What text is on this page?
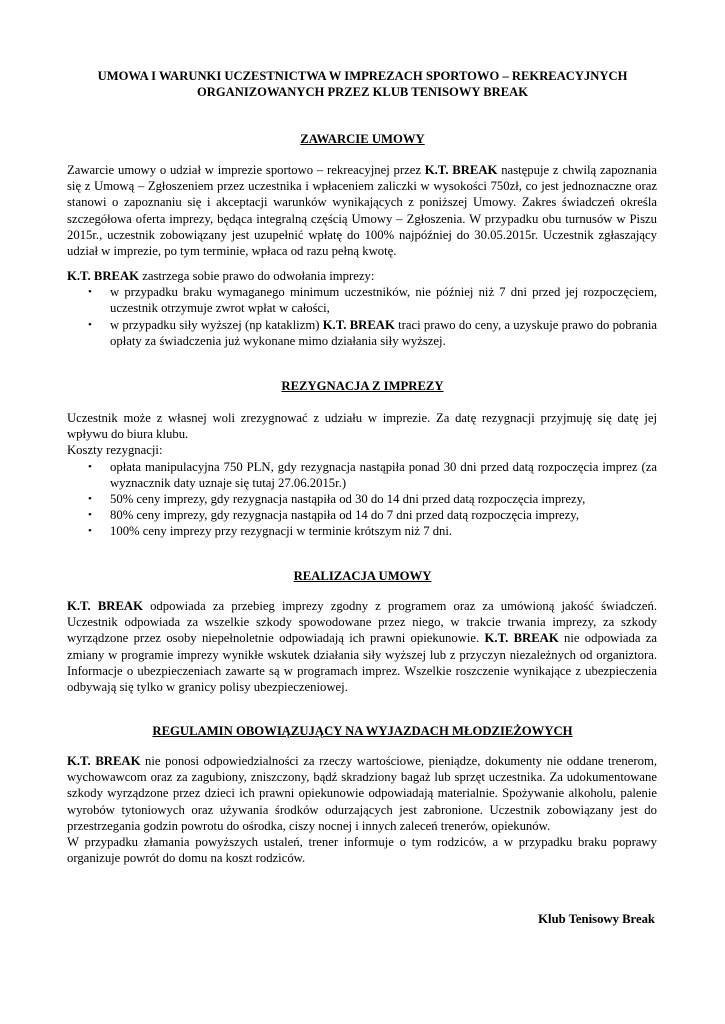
UMOWA I WARUNKI UCZESTNICTWA W IMPREZACH SPORTOWO – REKREACYJNYCH
ORGANIZOWANYCH PRZEZ KLUB TENISOWY BREAK
ZAWARCIE UMOWY

Zawarcie umowy o udział w imprezie sportowo – rekreacyjnej przez K.T. BREAK następuje z chwilą zapoznania się z Umową – Zgłoszeniem przez uczestnika i wpłaceniem zaliczki w wysokości 750zł, co jest jednoznaczne oraz stanowi o zapoznaniu się i akceptacji warunków wynikających z poniższej Umowy. Zakres świadczeń określa szczegółowa oferta imprezy, będąca integralną częścią Umowy – Zgłoszenia. W przypadku obu turnusów w Piszu 2015r., uczestnik zobowiązany jest uzupełnić wpłatę do 100% najpóźniej do 30.05.2015r. Uczestnik zgłaszający udział w imprezie, po tym terminie, wpłaca od razu pełną kwotę.

K.T. BREAK zastrzega sobie prawo do odwołania imprezy:

• w przypadku braku wymaganego minimum uczestników, nie później niż 7 dni przed jej rozpoczęciem, uczestnik otrzymuje zwrot wpłat w całości,
• w przypadku siły wyższej (np kataklizm) K.T. BREAK traci prawo do ceny, a uzyskuje prawo do pobrania opłaty za świadczenia już wykonane mimo działania siły wyższej.
REZYGNACJA Z IMPREZY

Uczestnik może z własnej woli zrezygnować z udziału w imprezie. Za datę rezygnacji przyjmuję się datę jej wpływu do biura klubu.

Koszty rezygnacji:

• opłata manipulacyjna 750 PLN, gdy rezygnacja nastąpiła ponad 30 dni przed datą rozpoczęcia imprez (za wyznacznik daty uznaje się tutaj 27.06.2015r.)
• 50% ceny imprezy, gdy rezygnacja nastąpiła od 30 do 14 dni przed datą rozpoczęcia imprezy,
• 80% ceny imprezy, gdy rezygnacja nastąpiła od 14 do 7 dni przed datą rozpoczęcia imprezy,
• 100% ceny imprezy przy rezygnacji w terminie krótszym niż 7 dni.
REALIZACJA UMOWY

K.T. BREAK odpowiada za przebieg imprezy zgodny z programem oraz za umówioną jakość świadczeń. Uczestnik odpowiada za wszelkie szkody spowodowane przez niego, w trakcie trwania imprezy, za szkody wyrządzone przez osoby niepełnoletnie odpowiadają ich prawni opiekunowie. K.T. BREAK nie odpowiada za zmiany w programie imprezy wynikłe wskutek działania siły wyższej lub z przyczyn niezależnych od organiztora. Informacje o ubezpieczeniach zawarte są w programach imprez. Wszelkie roszczenie wynikające z ubezpieczenia odbywają się tylko w granicy polisy ubezpieczeniowej.

REGULAMIN OBOWIĄZUJĄCY NA WYJAZDACH MŁODZIEŻOWYCH

K.T. BREAK nie ponosi odpowiedzialności za rzeczy wartościowe, pieniądze, dokumenty nie oddane trenerom, wychowawcom oraz za zagubiony, zniszczony, bądź skradziony bagaż lub sprzęt uczestnika. Za udokumentowane szkody wyrządzone przez dzieci ich prawni opiekunowie odpowiadają materialnie. Spożywanie alkoholu, palenie wyrobów tytoniowych oraz używania środków odurzających jest zabronione. Uczestnik zobowiązany jest do przestrzegania godzin powrotu do ośrodka, ciszy nocnej i innych zaleceń trenerów, opiekunów.

W przypadku złamania powyższych ustaleń, trener informuje o tym rodziców, a w przypadku braku poprawy organizuje powrót do domu na koszt rodziców.

Klub Tenisowy Break
